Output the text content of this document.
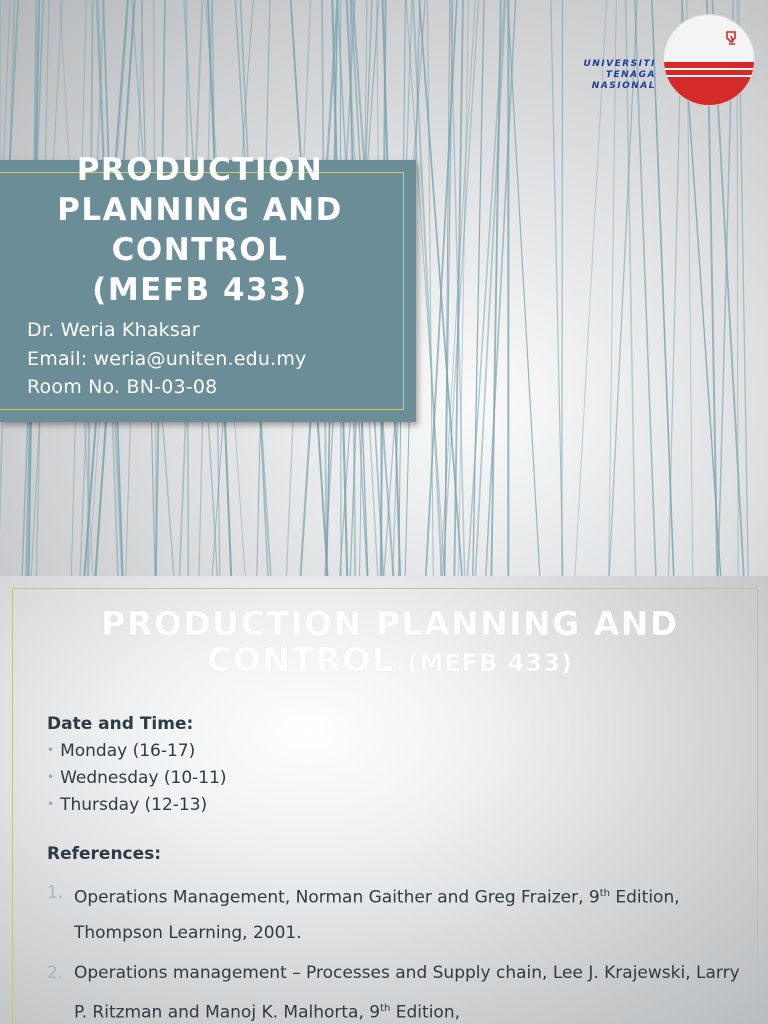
UNIVERSITI
TENAGA
NASIONAL
PRODUCTION
PLANNING AND
CONTROL
(MEFB 433)
Dr. Weria Khaksar
Email: weria@uniten.edu.my
Room No. BN-03-08
PRODUCTION PLANNING AND CONTROL (MEFB 433)
Date and Time:
• Monday (16-17)
• Wednesday (10-11)
• Thursday (12-13)
References:
1. Operations Management, Norman Gaither and Greg Fraizer, 9th Edition, Thompson Learning, 2001.
2. Operations management – Processes and Supply chain, Lee J. Krajewski, Larry P. Ritzman and Manoj K. Malhorta, 9th Edition,
